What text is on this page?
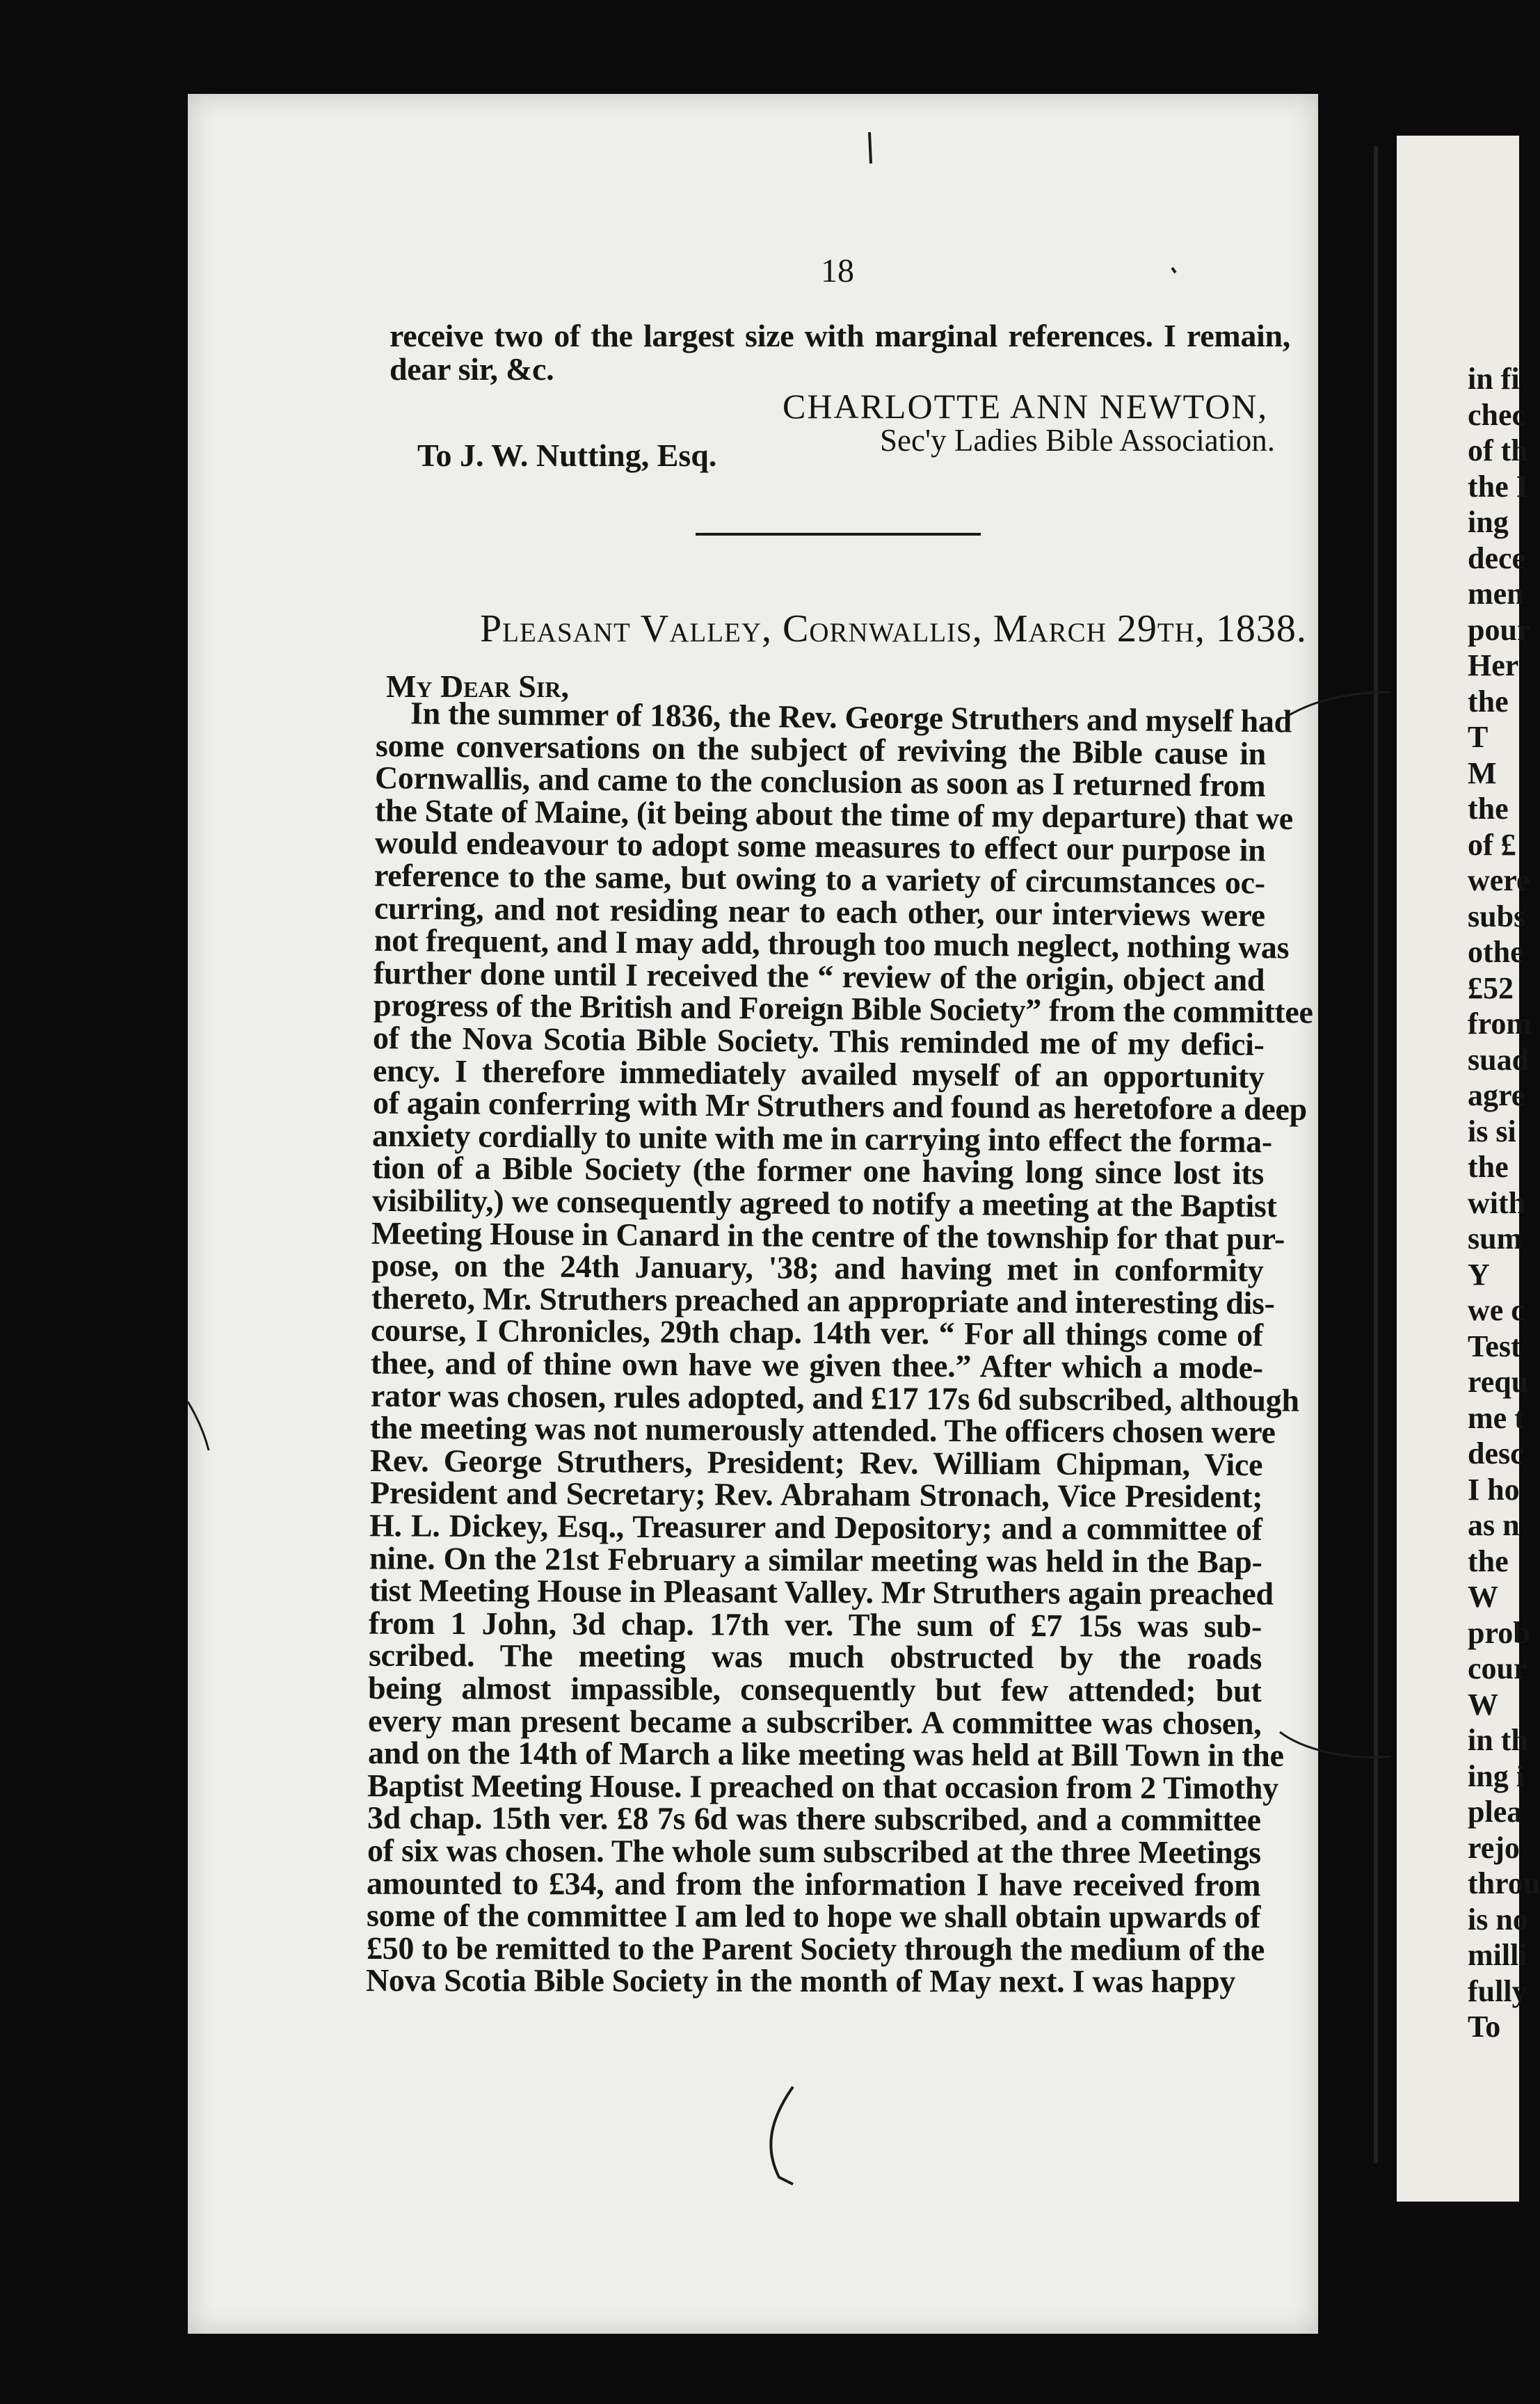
18
receive two of the largest size with marginal references. I remain,
dear sir, &c.
CHARLOTTE ANN NEWTON,
Sec'y Ladies Bible Association.
To J. W. Nutting, Esq.
Pleasant Valley, Cornwallis, March 29th, 1838.
My Dear Sir,
In the summer of 1836, the Rev. George Struthers and myself had
some conversations on the subject of reviving the Bible cause in
Cornwallis, and came to the conclusion as soon as I returned from
the State of Maine, (it being about the time of my departure) that we
would endeavour to adopt some measures to effect our purpose in
reference to the same, but owing to a variety of circumstances oc-
curring, and not residing near to each other, our interviews were
not frequent, and I may add, through too much neglect, nothing was
further done until I received the “ review of the origin, object and
progress of the British and Foreign Bible Society” from the committee
of the Nova Scotia Bible Society. This reminded me of my defici-
ency. I therefore immediately availed myself of an opportunity
of again conferring with Mr Struthers and found as heretofore a deep
anxiety cordially to unite with me in carrying into effect the forma-
tion of a Bible Society (the former one having long since lost its
visibility,) we consequently agreed to notify a meeting at the Baptist
Meeting House in Canard in the centre of the township for that pur-
pose, on the 24th January, '38; and having met in conformity
thereto, Mr. Struthers preached an appropriate and interesting dis-
course, I Chronicles, 29th chap. 14th ver. “ For all things come of
thee, and of thine own have we given thee.” After which a mode-
rator was chosen, rules adopted, and £17 17s 6d subscribed, although
the meeting was not numerously attended. The officers chosen were
Rev. George Struthers, President; Rev. William Chipman, Vice
President and Secretary; Rev. Abraham Stronach, Vice President;
H. L. Dickey, Esq., Treasurer and Depository; and a committee of
nine. On the 21st February a similar meeting was held in the Bap-
tist Meeting House in Pleasant Valley. Mr Struthers again preached
from 1 John, 3d chap. 17th ver. The sum of £7 15s was sub-
scribed. The meeting was much obstructed by the roads
being almost impassible, consequently but few attended; but
every man present became a subscriber. A committee was chosen,
and on the 14th of March a like meeting was held at Bill Town in the
Baptist Meeting House. I preached on that occasion from 2 Timothy
3d chap. 15th ver. £8 7s 6d was there subscribed, and a committee
of six was chosen. The whole sum subscribed at the three Meetings
amounted to £34, and from the information I have received from
some of the committee I am led to hope we shall obtain upwards of
£50 to be remitted to the Parent Society through the medium of the
Nova Scotia Bible Society in the month of May next. I was happy
in fi
chec
of th
the I
ing
dece
men
pour
Her
the
T
M
the
of £
were
subs
othe
£52
from
suad
agre
is si
the
with
sum
Y
we c
Test
requ
me t
desc
I ho
as n
the
W
prob
cour
W
in th
ing i
plea
rejo
throu
is no
milli
fully
To
